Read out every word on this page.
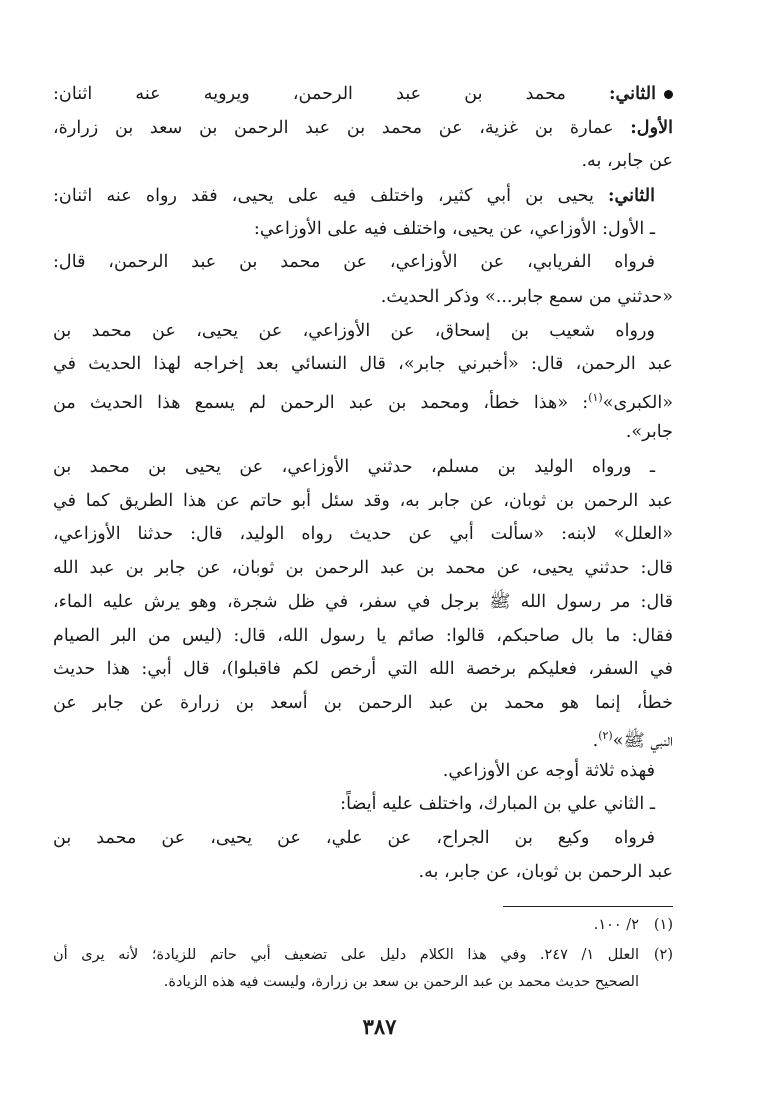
الثاني: محمد بن عبد الرحمن، ويرويه عنه اثنان:
الأول: عمارة بن غزية، عن محمد بن عبد الرحمن بن سعد بن زرارة،
عن جابر، به.
الثاني: يحيى بن أبي كثير، واختلف فيه على يحيى، فقد رواه عنه اثنان:
ـ الأول: الأوزاعي، عن يحيى، واختلف فيه على الأوزاعي:
فرواه الفريابي، عن الأوزاعي، عن محمد بن عبد الرحمن، قال:
«حدثني من سمع جابر...» وذكر الحديث.
ورواه شعيب بن إسحاق، عن الأوزاعي، عن يحيى، عن محمد بن
عبد الرحمن، قال: «أخبرني جابر»، قال النسائي بعد إخراجه لهذا الحديث في
«الكبرى»$^{(١)}$: «هذا خطأ، ومحمد بن عبد الرحمن لم يسمع هذا الحديث من
جابر».
ـ ورواه الوليد بن مسلم، حدثني الأوزاعي، عن يحيى بن محمد بن
عبد الرحمن بن ثوبان، عن جابر به، وقد سئل أبو حاتم عن هذا الطريق كما في
«العلل» لابنه: «سألت أبي عن حديث رواه الوليد، قال: حدثنا الأوزاعي،
قال: حدثني يحيى، عن محمد بن عبد الرحمن بن ثوبان، عن جابر بن عبد الله
قال: مر رسول الله ﷺ برجل في سفر، في ظل شجرة، وهو يرش عليه الماء،
فقال: ما بال صاحبكم، قالوا: صائم يا رسول الله، قال: (ليس من البر الصيام
في السفر، فعليكم برخصة الله التي أرخص لكم فاقبلوا)، قال أبي: هذا حديث
خطأ، إنما هو محمد بن عبد الرحمن بن أسعد بن زرارة عن جابر عن
النبي ﷺ»$^{(٢)}$.
فهذه ثلاثة أوجه عن الأوزاعي.
ـ الثاني علي بن المبارك، واختلف عليه أيضاً:
فرواه وكيع بن الجراح، عن علي، عن يحيى، عن محمد بن
عبد الرحمن بن ثوبان، عن جابر، به.
(١)٢/ ١٠٠.
(٢)العلل ١/ ٢٤٧. وفي هذا الكلام دليل على تضعيف أبي حاتم للزيادة؛ لأنه يرى أن
الصحيح حديث محمد بن عبد الرحمن بن سعد بن زرارة، وليست فيه هذه الزيادة.
٣٨٧
